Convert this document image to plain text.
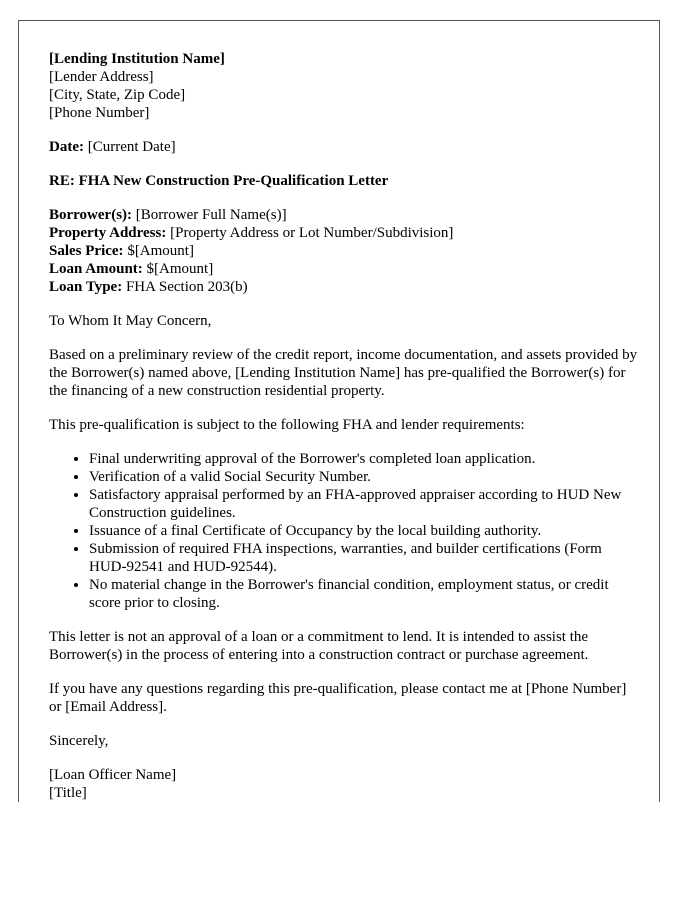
[Lending Institution Name]
[Lender Address]
[City, State, Zip Code]
[Phone Number]

Date: [Current Date]

RE: FHA New Construction Pre-Qualification Letter

Borrower(s): [Borrower Full Name(s)]
Property Address: [Property Address or Lot Number/Subdivision]
Sales Price: $[Amount]
Loan Amount: $[Amount]
Loan Type: FHA Section 203(b)

To Whom It May Concern,

Based on a preliminary review of the credit report, income documentation, and assets provided by the Borrower(s) named above, [Lending Institution Name] has pre-qualified the Borrower(s) for the financing of a new construction residential property.

This pre-qualification is subject to the following FHA and lender requirements:

• Final underwriting approval of the Borrower's completed loan application.
• Verification of a valid Social Security Number.
• Satisfactory appraisal performed by an FHA-approved appraiser according to HUD New Construction guidelines.
• Issuance of a final Certificate of Occupancy by the local building authority.
• Submission of required FHA inspections, warranties, and builder certifications (Form HUD-92541 and HUD-92544).
• No material change in the Borrower's financial condition, employment status, or credit score prior to closing.

This letter is not an approval of a loan or a commitment to lend. It is intended to assist the Borrower(s) in the process of entering into a construction contract or purchase agreement.

If you have any questions regarding this pre-qualification, please contact me at [Phone Number] or [Email Address].

Sincerely,

[Loan Officer Name]
[Title]
